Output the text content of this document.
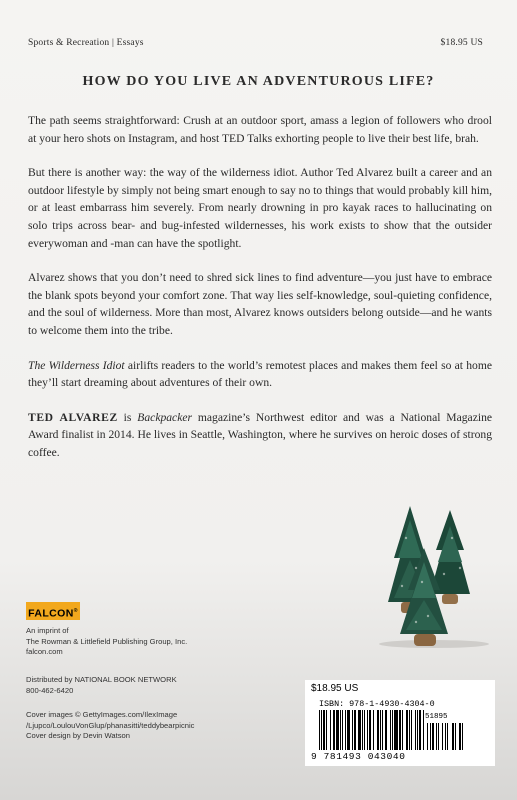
Sports & Recreation | Essays	$18.95 US
HOW DO YOU LIVE AN ADVENTUROUS LIFE?

The path seems straightforward: Crush at an outdoor sport, amass a legion of followers who drool at your hero shots on Instagram, and host TED Talks exhorting people to live their best life, brah.

But there is another way: the way of the wilderness idiot. Author Ted Alvarez built a career and an outdoor lifestyle by simply not being smart enough to say no to things that would probably kill him, or at least embarrass him severely. From nearly drowning in pro kayak races to hallucinating on solo trips across bear- and bug-infested wildernesses, his work exists to show that the outsider everywoman and -man can have the spotlight.

Alvarez shows that you don’t need to shred sick lines to find adventure—you just have to embrace the blank spots beyond your comfort zone. That way lies self-knowledge, soul-quieting confidence, and the soul of wilderness. More than most, Alvarez knows outsiders belong outside—and he wants to welcome them into the tribe.

The Wilderness Idiot airlifts readers to the world’s remotest places and makes them feel so at home they’ll start dreaming about adventures of their own.

TED ALVAREZ is Backpacker magazine’s Northwest editor and was a National Magazine Award finalist in 2014. He lives in Seattle, Washington, where he survives on heroic doses of strong coffee.

FALCON®
An imprint of
The Rowman & Littlefield Publishing Group, Inc.
falcon.com
Distributed by NATIONAL BOOK NETWORK
800-462-6420
Cover images © GettyImages.com/IlexImage
/Ljupco/LoulouVonGlup/phanasitti/teddybearpicnic
Cover design by Devin Watson
$18.95 US
ISBN: 978-1-4930-4304-0
51895
9 781493 043040
